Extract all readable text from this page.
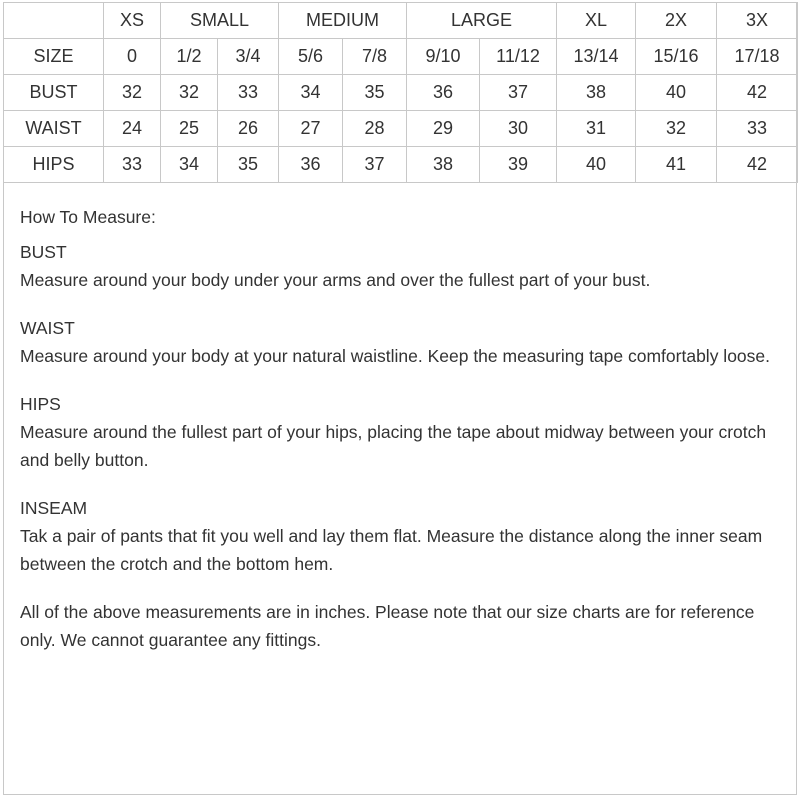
	XS	SMALL		MEDIUM		LARGE		XL	2X	3X
SIZE	0	1/2	3/4	5/6	7/8	9/10	11/12	13/14	15/16	17/18
BUST	32	32	33	34	35	36	37	38	40	42
WAIST	24	25	26	27	28	29	30	31	32	33
HIPS	33	34	35	36	37	38	39	40	41	42
How To Measure:
BUST
Measure around your body under your arms and over the fullest part of your bust.
WAIST
Measure around your body at your natural waistline. Keep the measuring tape comfortably loose.
HIPS
Measure around the fullest part of your hips, placing the tape about midway between your crotch and belly button.
INSEAM
Tak a pair of pants that fit you well and lay them flat. Measure the distance along the inner seam between the crotch and the bottom hem.
All of the above measurements are in inches. Please note that our size charts are for reference only. We cannot guarantee any fittings.
